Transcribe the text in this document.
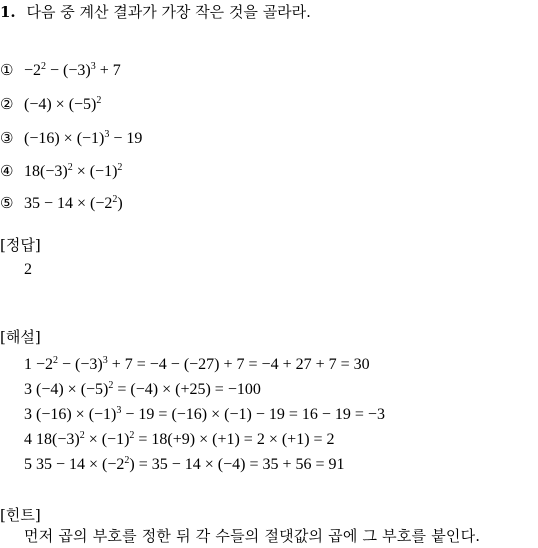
1. 다음 중 계산 결과가 가장 작은 것을 골라라.
① $-2^2 - (-3)^3 + 7$
② $(-4) \times (-5)^2$
③ $(-16) \times (-1)^3 - 19$
④ $18(-3)^2 \times (-1)^2$
⑤ $35 - 14 \times (-2^2)$
[정답]
2
[해설]
$1 -2^2 - (-3)^3 + 7 = -4 - (-27) + 7 = -4 + 27 + 7 = 30$
3 $(-4) \times (-5)^2 = (-4) \times (+25) = -100$
3 $(-16) \times (-1)^3 - 19 = (-16) \times (-1) - 19 = 16 - 19 = -3$
4 $18(-3)^2 \times (-1)^2 = 18(+9) \times (+1) = 2 \times (+1) = 2$
5 $35 - 14 \times (-2^2) = 35 - 14 \times (-4) = 35 + 56 = 91$
[힌트]
먼저 곱의 부호를 정한 뒤 각 수들의 절댓값의 곱에 그 부호를 붙인다.
